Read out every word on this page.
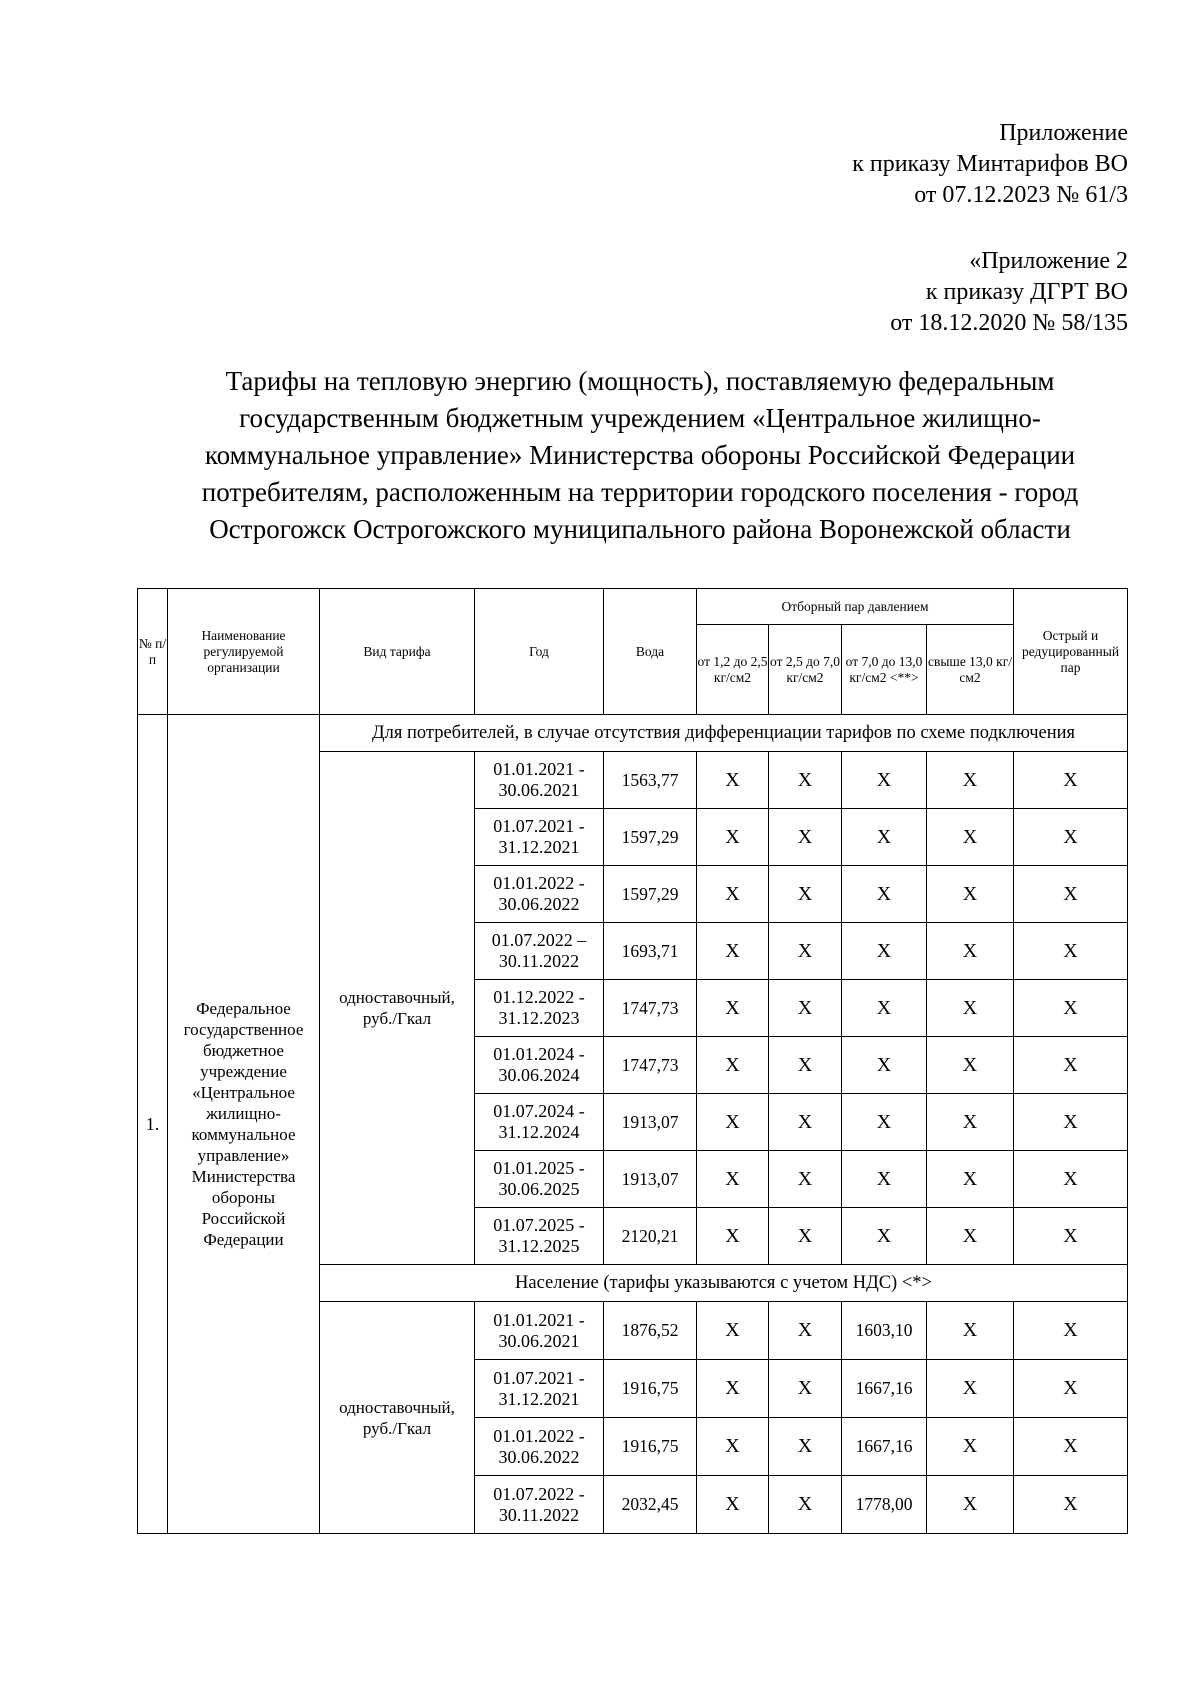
Приложение
к приказу Минтарифов ВО
от 07.12.2023 № 61/3
«Приложение 2
к приказу ДГРТ ВО
от 18.12.2020 № 58/135
Тарифы на тепловую энергию (мощность), поставляемую федеральным
государственным бюджетным учреждением «Центральное жилищно-
коммунальное управление» Министерства обороны Российской Федерации
потребителям, расположенным на территории городского поселения - город
Острогожск Острогожского муниципального района Воронежской области
№ п/ п	Наименование регулируемой организации	Вид тарифа	Год	Вода	Отборный пар давлением				Острый и редуцированный пар
					от 1,2 до 2,5 кг/см2	от 2,5 до 7,0 кг/см2	от 7,0 до 13,0 кг/см2 <**>	свыше 13,0 кг/см2	
1.	Федеральное государственное бюджетное учреждение «Центральное жилищно-коммунальное управление» Министерства обороны Российской Федерации	Для потребителей, в случае отсутствия дифференциации тарифов по схеме подключения							
		одноставочный, руб./Гкал	01.01.2021 - 30.06.2021	1563,77	X	X	X	X	X
			01.07.2021 - 31.12.2021	1597,29	X	X	X	X	X
			01.01.2022 - 30.06.2022	1597,29	X	X	X	X	X
			01.07.2022 – 30.11.2022	1693,71	X	X	X	X	X
			01.12.2022 - 31.12.2023	1747,73	X	X	X	X	X
			01.01.2024 - 30.06.2024	1747,73	X	X	X	X	X
			01.07.2024 - 31.12.2024	1913,07	X	X	X	X	X
			01.01.2025 - 30.06.2025	1913,07	X	X	X	X	X
			01.07.2025 - 31.12.2025	2120,21	X	X	X	X	X
		Население (тарифы указываются с учетом НДС) <*>							
		одноставочный, руб./Гкал	01.01.2021 - 30.06.2021	1876,52	X	X	1603,10	X	X
			01.07.2021 - 31.12.2021	1916,75	X	X	1667,16	X	X
			01.01.2022 - 30.06.2022	1916,75	X	X	1667,16	X	X
			01.07.2022 - 30.11.2022	2032,45	X	X	1778,00	X	X
